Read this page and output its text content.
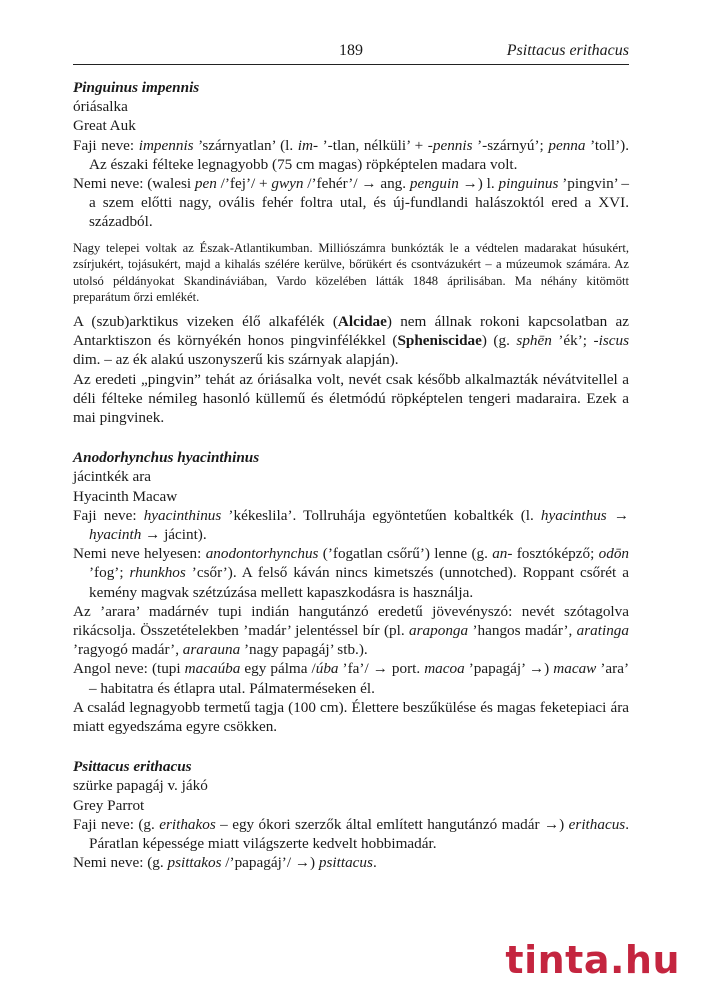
189	Psittacus erithacus

Pinguinus impennis

óriásalka

Great Auk

Faji neve: impennis ’szárnyatlan’ (l. im- ’-tlan, nélküli’ + -pennis ’-szárnyú’; penna ’toll’). Az északi félteke legnagyobb (75 cm magas) röpképtelen madara volt.

Nemi neve: (walesi pen /’fej’/ + gwyn /’fehér’/ → ang. penguin →) l. pinguinus ’pingvin’ – a szem előtti nagy, ovális fehér foltra utal, és új-fundlandi halászoktól ered a XVI. századból.

Nagy telepei voltak az Észak-Atlantikumban. Milliószámra bunkózták le a védtelen madarakat húsukért, zsírjukért, tojásukért, majd a kihalás szélére kerülve, bőrükért és csontvázukért – a múzeumok számára. Az utolsó példányokat Skandináviában, Vardo közelében látták 1848 áprilisában. Ma néhány kitömött preparátum őrzi emlékét.

A (szub)arktikus vizeken élő alkafélék (Alcidae) nem állnak rokoni kapcsolatban az Antarktiszon és környékén honos pingvinfélékkel (Spheniscidae) (g. sphēn ’ék’; -iscus dim. – az ék alakú uszonyszerű kis szárnyak alapján).

Az eredeti „pingvin” tehát az óriásalka volt, nevét csak később alkalmazták névátvitellel a déli félteke némileg hasonló küllemű és életmódú röpképtelen tengeri madaraira. Ezek a mai pingvinek.

Anodorhynchus hyacinthinus

jácintkék ara

Hyacinth Macaw

Faji neve: hyacinthinus ’kékeslila’. Tollruhája egyöntetűen kobaltkék (l. hyacinthus → hyacinth → jácint).

Nemi neve helyesen: anodontorhynchus (’fogatlan csőrű’) lenne (g. an- fosztóképző; odōn ’fog’; rhunkhos ’csőr’). A felső káván nincs kimetszés (unnotched). Roppant csőrét a kemény magvak szétzúzása mellett kapaszkodásra is használja.

Az ’arara’ madárnév tupi indián hangutánzó eredetű jövevényszó: nevét szótagolva rikácsolja. Összetételekben ’madár’ jelentéssel bír (pl. araponga ’hangos madár’, aratinga ’ragyogó madár’, ararauna ’nagy papagáj’ stb.).

Angol neve: (tupi macaúba egy pálma /úba ’fa’/ → port. macoa ’papagáj’ →) macaw ’ara’ – habitatra és étlapra utal. Pálmaterméseken él.

A család legnagyobb termetű tagja (100 cm). Élettere beszűkülése és magas feketepiaci ára miatt egyedszáma egyre csökken.

Psittacus erithacus

szürke papagáj v. jákó

Grey Parrot

Faji neve: (g. erithakos – egy ókori szerzők által említett hangutánzó madár →) erithacus. Páratlan képessége miatt világszerte kedvelt hobbimadár.

Nemi neve: (g. psittakos /’papagáj’/ →) psittacus.

tinta.hu
